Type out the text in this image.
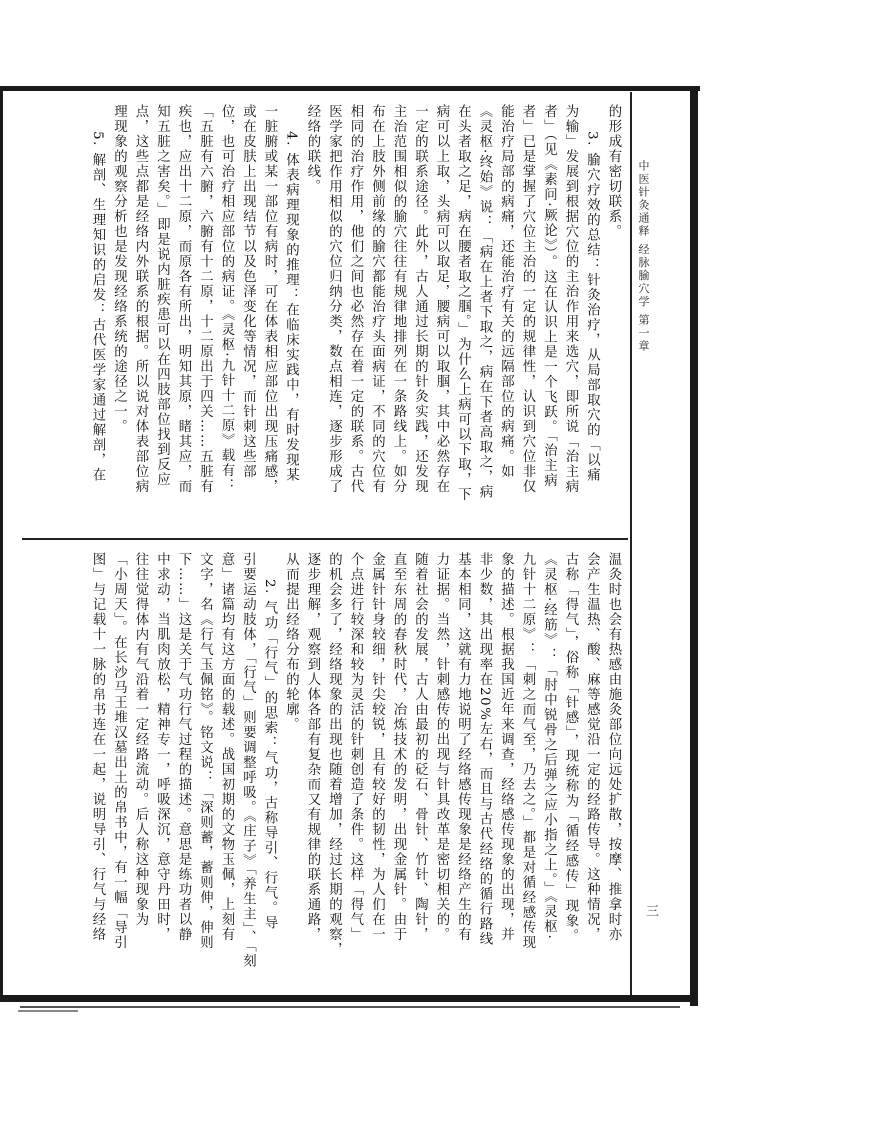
中医针灸通释 经脉腧穴学 第一章
三

的形成有密切联系。

3. 腧穴疗效的总结：针灸治疗，从局部取穴的「以痛

为输」发展到根据穴位的主治作用来选穴，即所说「治主病

者」（见《素问·厥论》）。这在认识上是一个飞跃。「治主病

者」已是掌握了穴位主治的一定的规律性，认识到穴位非仅

能治疗局部的病痛，还能治疗有关的远隔部位的病痛。如

《灵枢·终始》说：「病在上者下取之，病在下者高取之，病

在头者取之足，病在腰者取之腘。」为什么上病可以下取，下

病可以上取，头病可以取足，腰病可以取腘，其中必然存在

一定的联系途径。此外，古人通过长期的针灸实践，还发现

主治范围相似的腧穴往往有规律地排列在一条路线上。如分

布在上肢外侧前缘的腧穴都能治疗头面病证，不同的穴位有

相同的治疗作用，他们之间也必然存在着一定的联系。古代

医学家把作用相似的穴位归纳分类，数点相连，逐步形成了

经络的联线。

4. 体表病理现象的推理：在临床实践中，有时发现某

一脏腑或某一部位有病时，可在体表相应部位出现压痛感，

或在皮肤上出现结节以及色泽变化等情况，而针刺这些部

位，也可治疗相应部位的病证。《灵枢·九针十二原》载有：

「五脏有六腑，六腑有十二原，十二原出于四关……五脏有

疾也，应出十二原，而原各有所出，明知其原，睹其应，而

知五脏之害矣。」即是说内脏疾患可以在四肢部位找到反应

点，这些点都是经络内外联系的根据。所以说对体表部位病

理现象的观察分析也是发现经络系统的途径之一。

5. 解剖、生理知识的启发：古代医学家通过解剖，在

温灸时也会有热感由施灸部位向远处扩散，按摩、推拿时亦

会产生温热、酸、麻等感觉沿一定的经路传导。这种情况，

古称「得气」，俗称「针感」，现统称为「循经感传」现象。

《灵枢·经筋》：「肘中锐骨之后弹之应小指之上。」《灵枢·

九针十二原》：「刺之而气至，乃去之。」都是对循经感传现

象的描述。根据我国近年来调查，经络感传现象的出现，并

非少数，其出现率在20%左右，而且与古代经络的循行路线

基本相同，这就有力地说明了经络感传现象是经络产生的有

力证据。当然，针刺感传的出现与针具改革是密切相关的。

随着社会的发展，古人由最初的砭石、骨针、竹针、陶针，

直至东周的春秋时代，冶炼技术的发明，出现金属针。由于

金属针针身较细，针尖较锐，且有较好的韧性，为人们在一

个点进行较深和较为灵活的针刺创造了条件。这样「得气」

的机会多了，经络现象的出现也随着增加，经过长期的观察，

逐步理解，观察到人体各部有复杂而又有规律的联系通路，

从而提出经络分布的轮廓。

2. 气功「行气」的思索：气功，古称导引、行气。导

引要运动肢体，「行气」则要调整呼吸。《庄子》「养生主」、「刻

意」诸篇均有这方面的载述。战国初期的文物玉佩，上刻有

文字，名《行气玉佩铭》。铭文说：「深则蓄，蓄则伸，伸则

下……」这是关于气功行气过程的描述。意思是练功者以静

中求动，当肌肉放松，精神专一，呼吸深沉，意守丹田时，

往往觉得体内有气沿着一定经路流动。后人称这种现象为

「小周天」。在长沙马王堆汉墓出土的帛书中，有一幅「导引

图」与记载十一脉的帛书连在一起，说明导引、行气与经络
